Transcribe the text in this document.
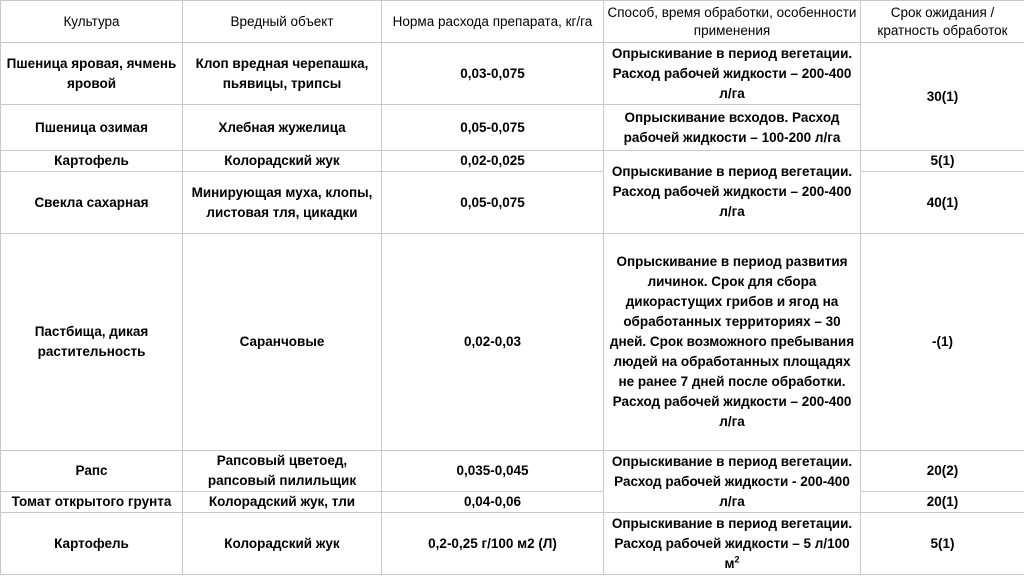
Культура	Вредный объект	Норма расхода препарата, кг/га	Способ, время обработки, особенности применения	Срок ожидания / кратность обработок
Пшеница яровая, ячмень яровой	Клоп вредная черепашка, пьявицы, трипсы	0,03-0,075	Опрыскивание в период вегетации. Расход рабочей жидкости – 200-400 л/га	30(1)
Пшеница озимая	Хлебная жужелица	0,05-0,075	Опрыскивание всходов. Расход рабочей жидкости – 100-200 л/га	
Картофель	Колорадский жук	0,02-0,025	Опрыскивание в период вегетации. Расход рабочей жидкости – 200-400 л/га	5(1)
Свекла сахарная	Минирующая муха, клопы, листовая тля, цикадки	0,05-0,075		40(1)
Пастбища, дикая растительность	Саранчовые	0,02-0,03	Опрыскивание в период развития личинок. Срок для сбора дикорастущих грибов и ягод на обработанных территориях – 30 дней. Срок возможного пребывания людей на обработанных площадях не ранее 7 дней после обработки. Расход рабочей жидкости – 200-400 л/га	-(1)
Рапс	Рапсовый цветоед, рапсовый пилильщик	0,035-0,045	Опрыскивание в период вегетации. Расход рабочей жидкости - 200-400 л/га	20(2)
Томат открытого грунта	Колорадский жук, тли	0,04-0,06		20(1)
Картофель	Колорадский жук	0,2-0,25 г/100 м2 (Л)	Опрыскивание в период вегетации. Расход рабочей жидкости – 5 л/100 $м^2$	5(1)
